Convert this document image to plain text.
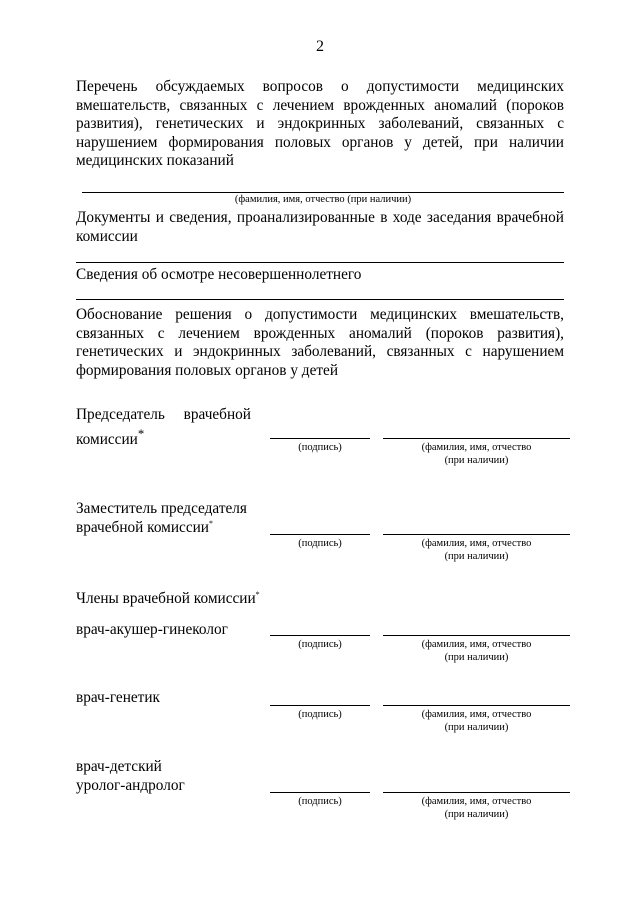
2
Перечень обсуждаемых вопросов о допустимости медицинских вмешательств, связанных с лечением врожденных аномалий (пороков развития), генетических и эндокринных заболеваний, связанных с нарушением формирования половых органов у детей, при наличии медицинских показаний
(фамилия, имя, отчество (при наличии)
Документы и сведения, проанализированные в ходе заседания врачебной комиссии
Сведения об осмотре несовершеннолетнего
Обоснование решения о допустимости медицинских вмешательств, связанных с лечением врожденных аномалий (пороков развития), генетических и эндокринных заболеваний, связанных с нарушением формирования половых органов у детей
Председатель врачебной комиссии*
(подпись)	(фамилия, имя, отчество
(при наличии)
Заместитель председателя
врачебной комиссии*
(подпись)	(фамилия, имя, отчество
(при наличии)
Члены врачебной комиссии*
врач-акушер-гинеколог
(подпись)	(фамилия, имя, отчество
(при наличии)
врач-генетик
(подпись)	(фамилия, имя, отчество
(при наличии)
врач-детский
уролог-андролог
(подпись)	(фамилия, имя, отчество
(при наличии)
